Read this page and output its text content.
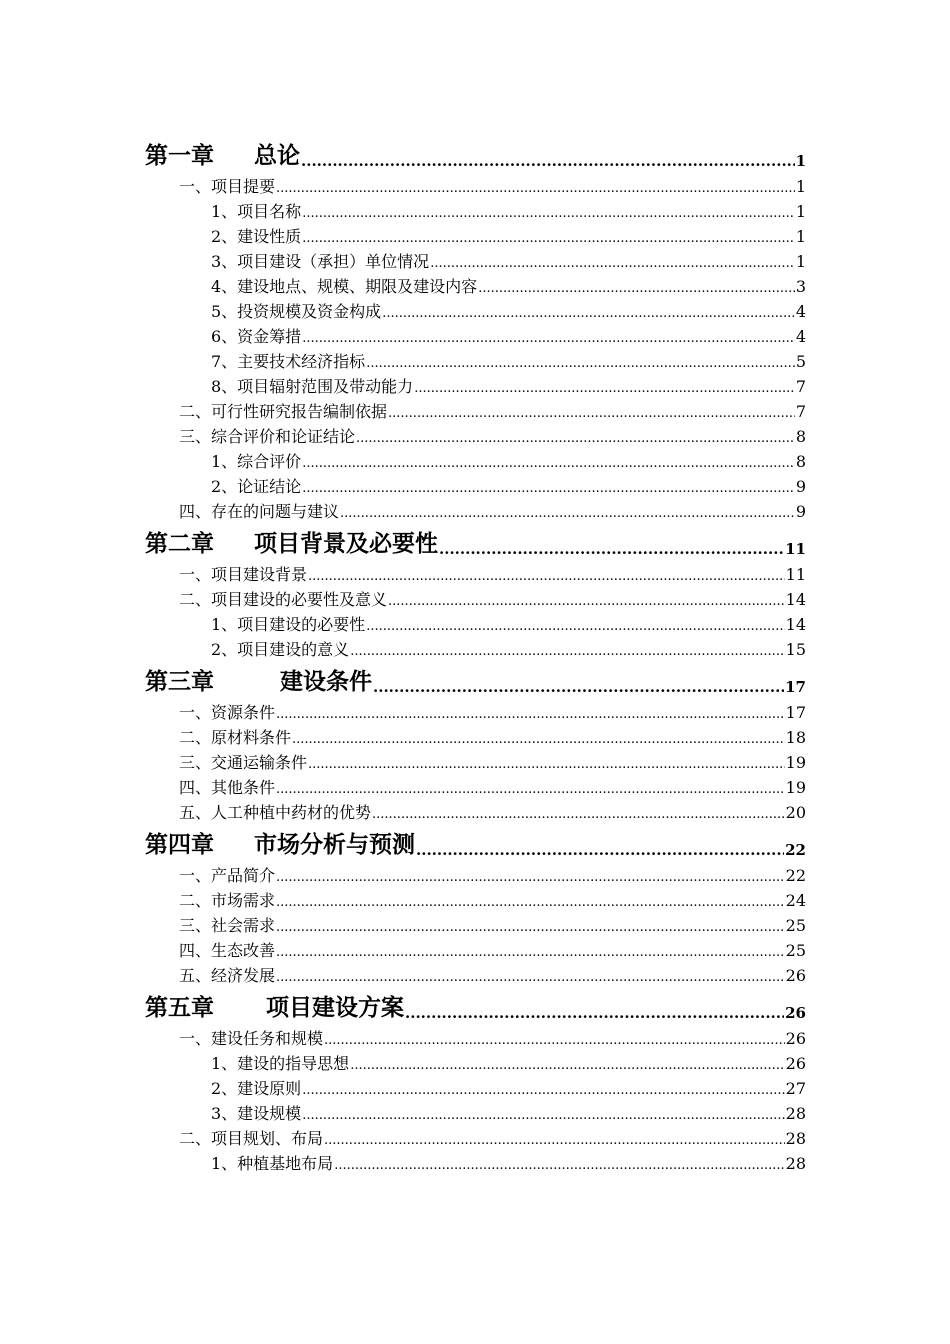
第一章 总论 .....	1
一、项目提要 .....	1
1、项目名称 .....	1
2、建设性质 .....	1
3、项目建设（承担）单位情况 .....	1
4、建设地点、规模、期限及建设内容 .....	3
5、投资规模及资金构成 .....	4
6、资金筹措 .....	4
7、主要技术经济指标 .....	5
8、项目辐射范围及带动能力 .....	7
二、可行性研究报告编制依据 .....	7
三、综合评价和论证结论 .....	8
1、综合评价 .....	8
2、论证结论 .....	9
四、存在的问题与建议 .....	9
第二章 项目背景及必要性 .....	11
一、项目建设背景 .....	11
二、项目建设的必要性及意义 .....	14
1、项目建设的必要性 .....	14
2、项目建设的意义 .....	15
第三章	建设条件 .....	17
一、资源条件 .....	17
二、原材料条件 .....	18
三、交通运输条件 .....	19
四、其他条件 .....	19
五、人工种植中药材的优势 .....	20
第四章 市场分析与预测 .....	22
一、产品简介 .....	22
二、市场需求 .....	24
三、社会需求 .....	25
四、生态改善 .....	25
五、经济发展 .....	26
第五章 项目建设方案 .....	26
一、建设任务和规模 .....	26
1、建设的指导思想 .....	26
2、建设原则 .....	27
3、建设规模 .....	28
二、项目规划、布局 .....	28
1、种植基地布局 .....	28
